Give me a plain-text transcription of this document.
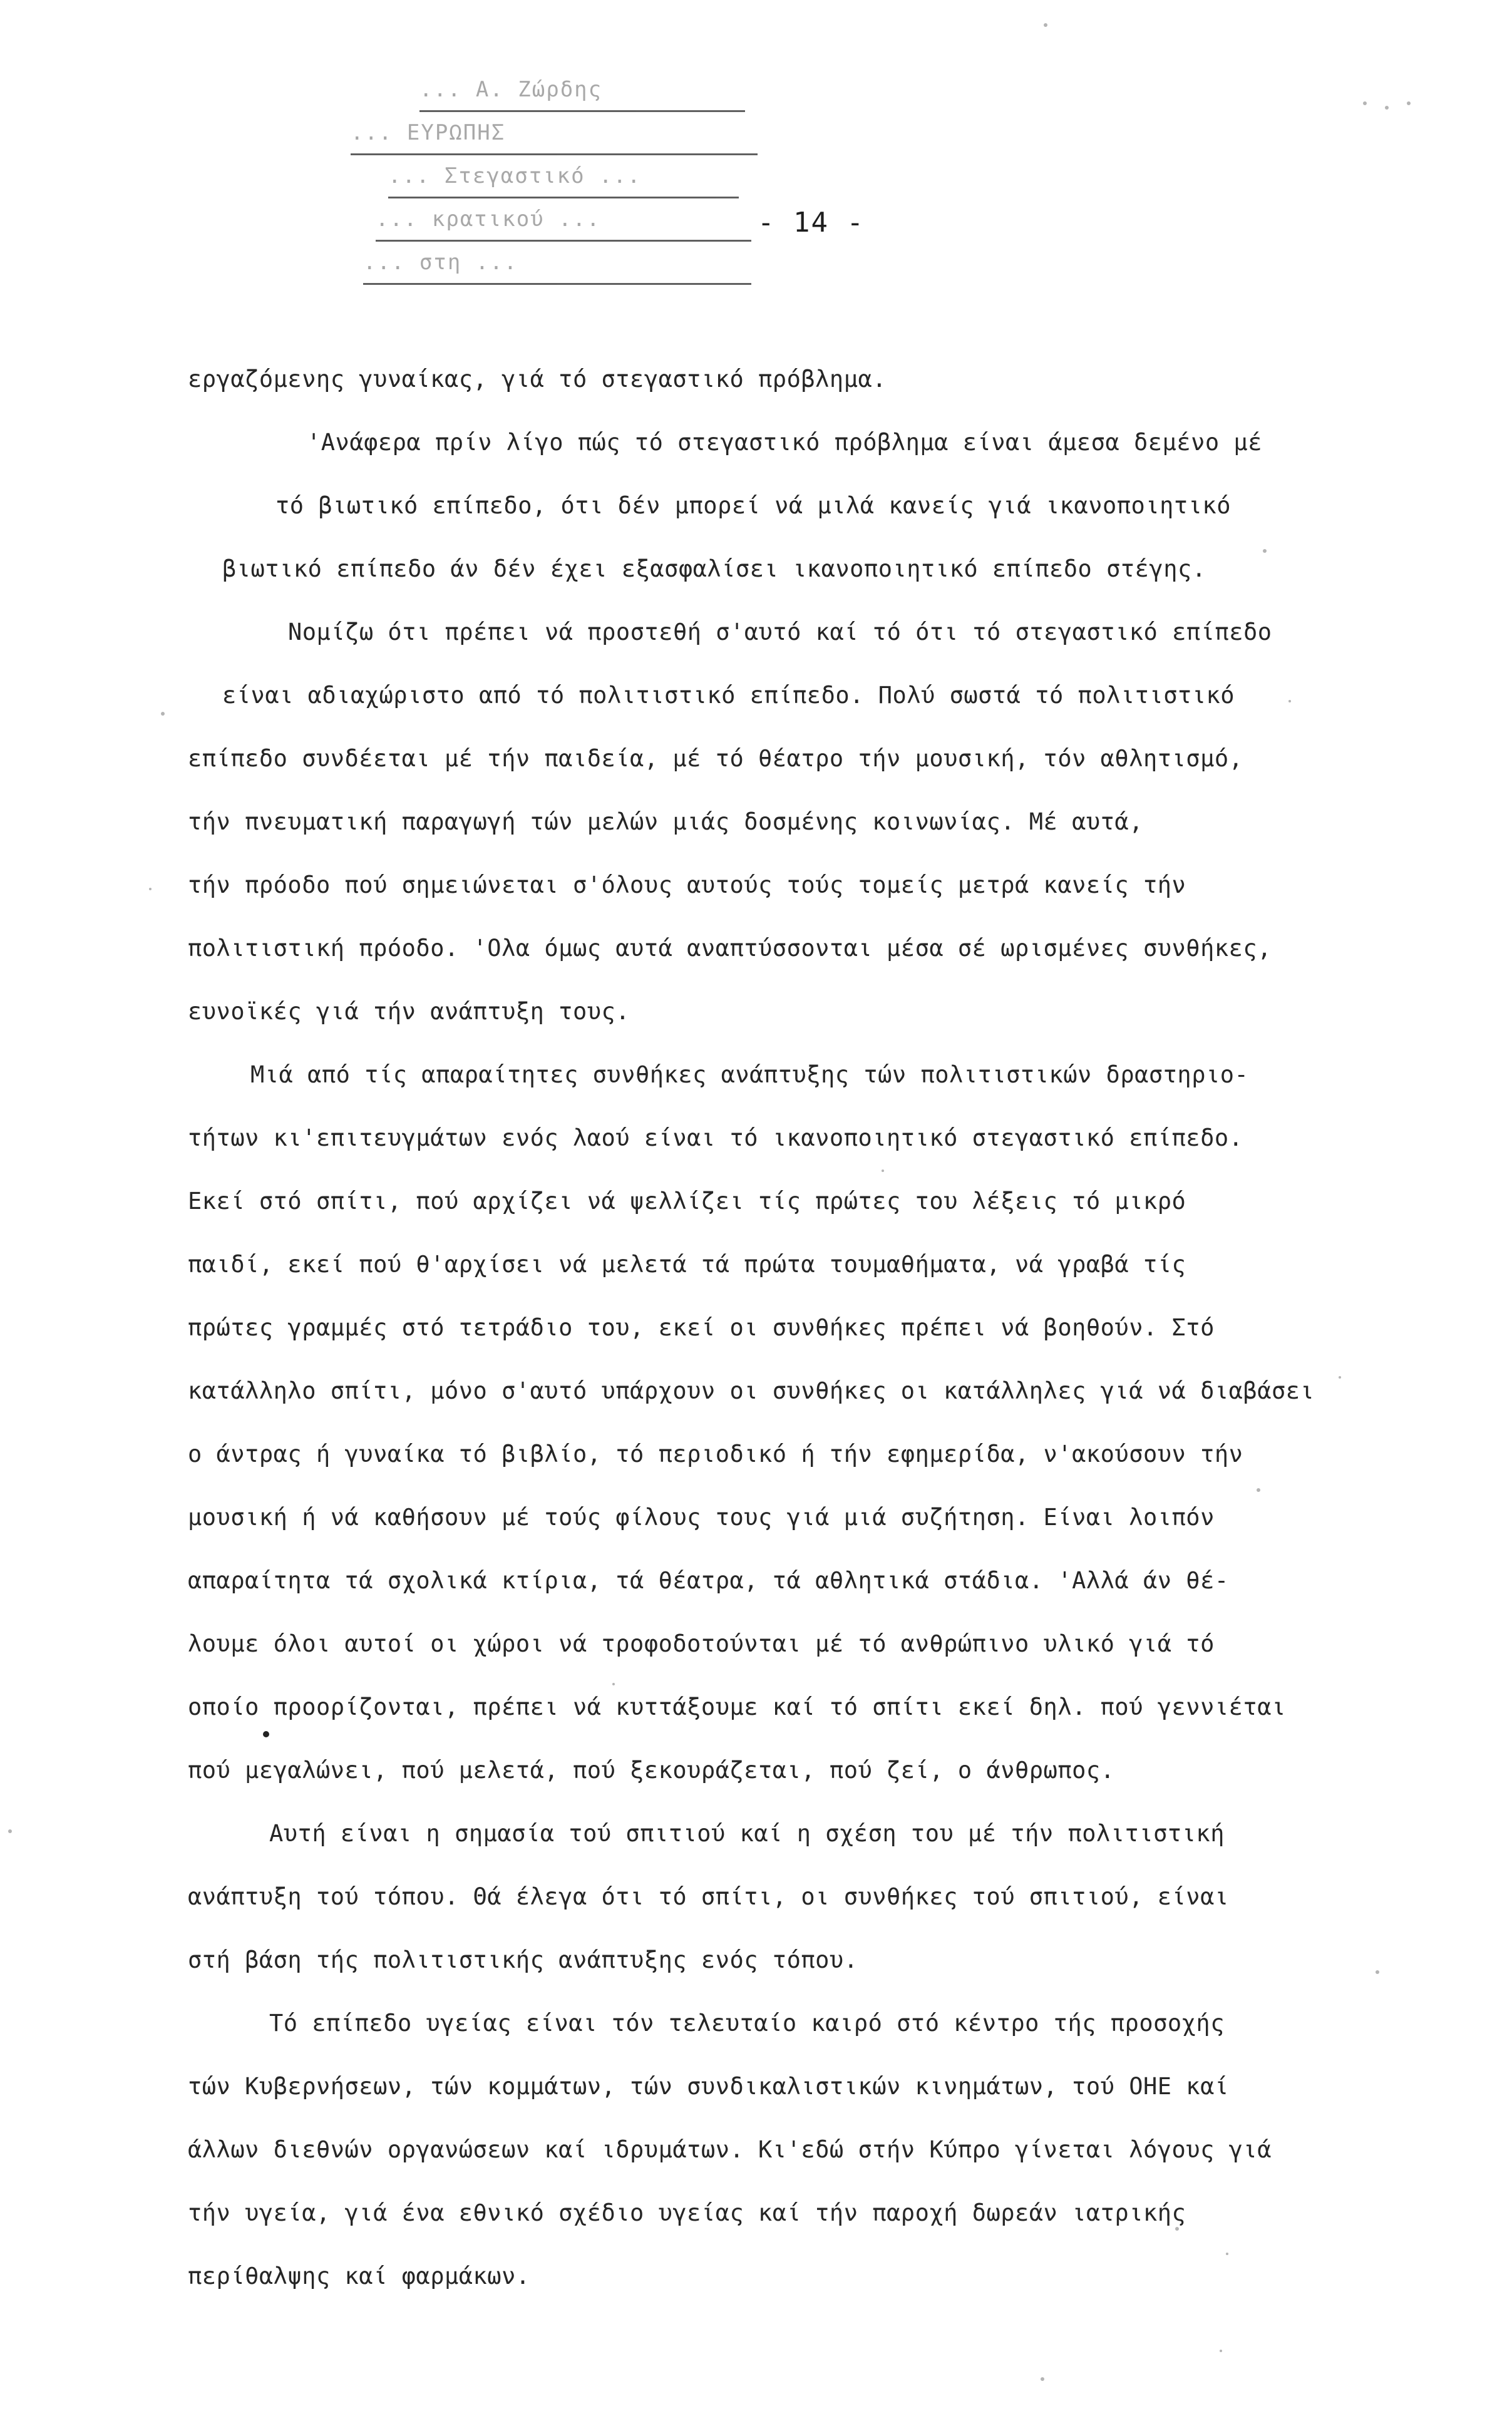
... Α. Ζώρδης
... ΕΥΡΩΠΗΣ
... Στεγαστικό ...
... κρατικού ...
... στη ...
- 14 -
εργαζόμενης γυναίκας, γιά τό στεγαστικό πρόβλημα.
'Ανάφερα πρίν λίγο πώς τό στεγαστικό πρόβλημα είναι άμεσα δεμένο μέ
τό βιωτικό επίπεδο, ότι δέν μπορεί νά μιλά κανείς γιά ικανοποιητικό
βιωτικό επίπεδο άν δέν έχει εξασφαλίσει ικανοποιητικό επίπεδο στέγης.
Νομίζω ότι πρέπει νά προστεθή σ'αυτό καί τό ότι τό στεγαστικό επίπεδο
είναι αδιαχώριστο από τό πολιτιστικό επίπεδο. Πολύ σωστά τό πολιτιστικό
επίπεδο συνδέεται μέ τήν παιδεία, μέ τό θέατρο τήν μουσική, τόν αθλητισμό,
τήν πνευματική παραγωγή τών μελών μιάς δοσμένης κοινωνίας. Μέ αυτά,
τήν πρόοδο πού σημειώνεται σ'όλους αυτούς τούς τομείς μετρά κανείς τήν
πολιτιστική πρόοδο. 'Ολα όμως αυτά αναπτύσσονται μέσα σέ ωρισμένες συνθήκες,
ευνοϊκές γιά τήν ανάπτυξη τους.
Μιά από τίς απαραίτητες συνθήκες ανάπτυξης τών πολιτιστικών δραστηριο-
τήτων κι'επιτευγμάτων ενός λαού είναι τό ικανοποιητικό στεγαστικό επίπεδο.
Εκεί στό σπίτι, πού αρχίζει νά ψελλίζει τίς πρώτες του λέξεις τό μικρό
παιδί, εκεί πού θ'αρχίσει νά μελετά τά πρώτα τουμαθήματα, νά γραβά τίς
πρώτες γραμμές στό τετράδιο του, εκεί οι συνθήκες πρέπει νά βοηθούν. Στό
κατάλληλο σπίτι, μόνο σ'αυτό υπάρχουν οι συνθήκες οι κατάλληλες γιά νά διαβάσει
ο άντρας ή γυναίκα τό βιβλίο, τό περιοδικό ή τήν εφημερίδα, ν'ακούσουν τήν
μουσική ή νά καθήσουν μέ τούς φίλους τους γιά μιά συζήτηση. Είναι λοιπόν
απαραίτητα τά σχολικά κτίρια, τά θέατρα, τά αθλητικά στάδια. 'Αλλά άν θέ-
λουμε όλοι αυτοί οι χώροι νά τροφοδοτούνται μέ τό ανθρώπινο υλικό γιά τό
οποίο προορίζονται, πρέπει νά κυττάξουμε καί τό σπίτι εκεί δηλ. πού γεννιέται
πού μεγαλώνει, πού μελετά, πού ξεκουράζεται, πού ζεί, ο άνθρωπος.
Αυτή είναι η σημασία τού σπιτιού καί η σχέση του μέ τήν πολιτιστική
ανάπτυξη τού τόπου. Θά έλεγα ότι τό σπίτι, οι συνθήκες τού σπιτιού, είναι
στή βάση τής πολιτιστικής ανάπτυξης ενός τόπου.
Τό επίπεδο υγείας είναι τόν τελευταίο καιρό στό κέντρο τής προσοχής
τών Κυβερνήσεων, τών κομμάτων, τών συνδικαλιστικών κινημάτων, τού ΟΗΕ καί
άλλων διεθνών οργανώσεων καί ιδρυμάτων. Κι'εδώ στήν Κύπρο γίνεται λόγους γιά
τήν υγεία, γιά ένα εθνικό σχέδιο υγείας καί τήν παροχή δωρεάν ιατρικής
περίθαλψης καί φαρμάκων.
